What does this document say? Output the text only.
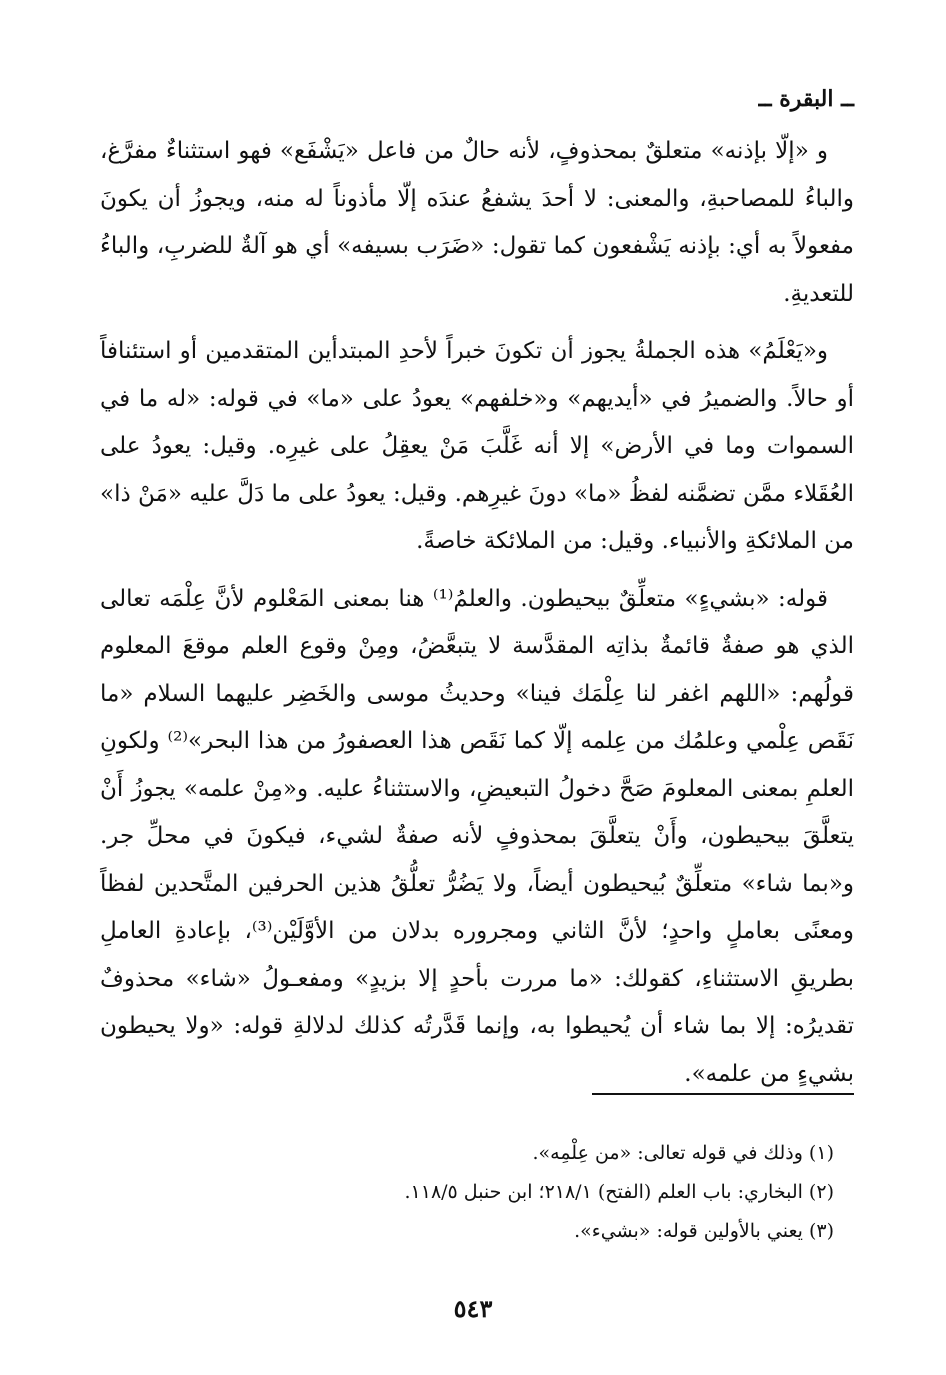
ــ البقرة ــ

و «إلّا بإذنه» متعلقٌ بمحذوفٍ، لأنه حالٌ من فاعل «يَشْفَع» فهو استثناءٌ مفرَّغ، والباءُ للمصاحبةِ، والمعنى: لا أحدَ يشفعُ عندَه إلّا مأذوناً له منه، ويجوزُ أن يكونَ مفعولاً به أي: بإذنه يَشْفعون كما تقول: «ضَرَب بسيفه» أي هو آلةٌ للضربِ، والباءُ للتعديةِ.

و«يَعْلَمُ» هذه الجملةُ يجوز أن تكونَ خبراً لأحدِ المبتدأين المتقدمين أو استئنافاً أو حالاً. والضميرُ في «أيديهم» و«خلفهم» يعودُ على «ما» في قوله: «له ما في السموات وما في الأرض» إلا أنه غَلَّبَ مَنْ يعقِلُ على غيرِه. وقيل: يعودُ على العُقَلاء ممَّن تضمَّنه لفظُ «ما» دونَ غيرِهم. وقيل: يعودُ على ما دَلَّ عليه «مَنْ ذا» من الملائكةِ والأنبياء. وقيل: من الملائكة خاصةً.

قوله: «بشيءٍ» متعلِّقٌ بيحيطون. والعلمُ⁽¹⁾ هنا بمعنى المَعْلوم لأنَّ عِلْمَه تعالى الذي هو صفةٌ قائمةٌ بذاتِه المقدَّسة لا يتبعَّضُ، ومِنْ وقوع العلم موقعَ المعلوم قولُهم: «اللهم اغفر لنا عِلْمَك فينا» وحديثُ موسى والخَضِر عليهما السلام «ما نَقَص عِلْمي وعلمُك من عِلمه إلّا كما نَقَص هذا العصفورُ من هذا البحر»⁽²⁾ ولكونِ العلمِ بمعنى المعلومَ صَحَّ دخولُ التبعيضِ، والاستثناءُ عليه. و«مِنْ علمه» يجوزُ أَنْ يتعلَّقَ بيحيطون، وأَنْ يتعلَّقَ بمحذوفٍ لأنه صفةٌ لشيء، فيكونَ في محلِّ جر. و«بما شاء» متعلِّقٌ بُيحيطون أيضاً، ولا يَضُرُّ تعلُّقُ هذين الحرفين المتَّحدين لفظاً ومعنًى بعاملٍ واحدٍ؛ لأنَّ الثاني ومجروره بدلان من الأوَّلَيْن⁽³⁾، بإعادةِ العاملِ بطريقِ الاستثناءِ، كقولك: «ما مررت بأحدٍ إلا بزيدٍ» ومفعـولُ «شاء» محذوفٌ تقديرُه: إلا بما شاء أن يُحيطوا به، وإنما قَدَّرتُه كذلك لدلالةِ قوله: «ولا يحيطون بشيءٍ من علمه».

(١) وذلك في قوله تعالى: «من عِلْمِه».

(٢) البخاري: باب العلم (الفتح) ٢١٨/١؛ ابن حنبل ١١٨/٥.

(٣) يعني بالأولين قوله: «بشيء».

٥٤٣
